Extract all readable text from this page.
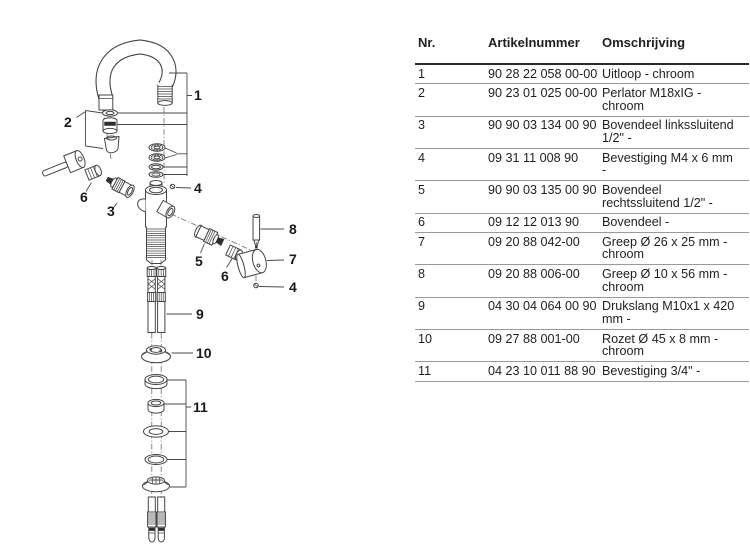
1
2
3
4
5
6
6
7
8
4
9
10
11
Nr.	Artikelnummer	Omschrijving
1	90 28 22 058 00-00	Uitloop - chroom
2	90 23 01 025 00-00	Perlator M18xIG - chroom
3	90 90 03 134 00 90	Bovendeel linkssluitend 1/2" -
4	09 31 11 008 90	Bevestiging M4 x 6 mm -
5	90 90 03 135 00 90	Bovendeel rechtssluitend 1/2" -
6	09 12 12 013 90	Bovendeel -
7	09 20 88 042-00	Greep Ø 26 x 25 mm - chroom
8	09 20 88 006-00	Greep Ø 10 x 56 mm - chroom
9	04 30 04 064 00 90	Drukslang M10x1 x 420 mm -
10	09 27 88 001-00	Rozet Ø 45 x 8 mm - chroom
11	04 23 10 011 88 90	Bevestiging 3/4" -
